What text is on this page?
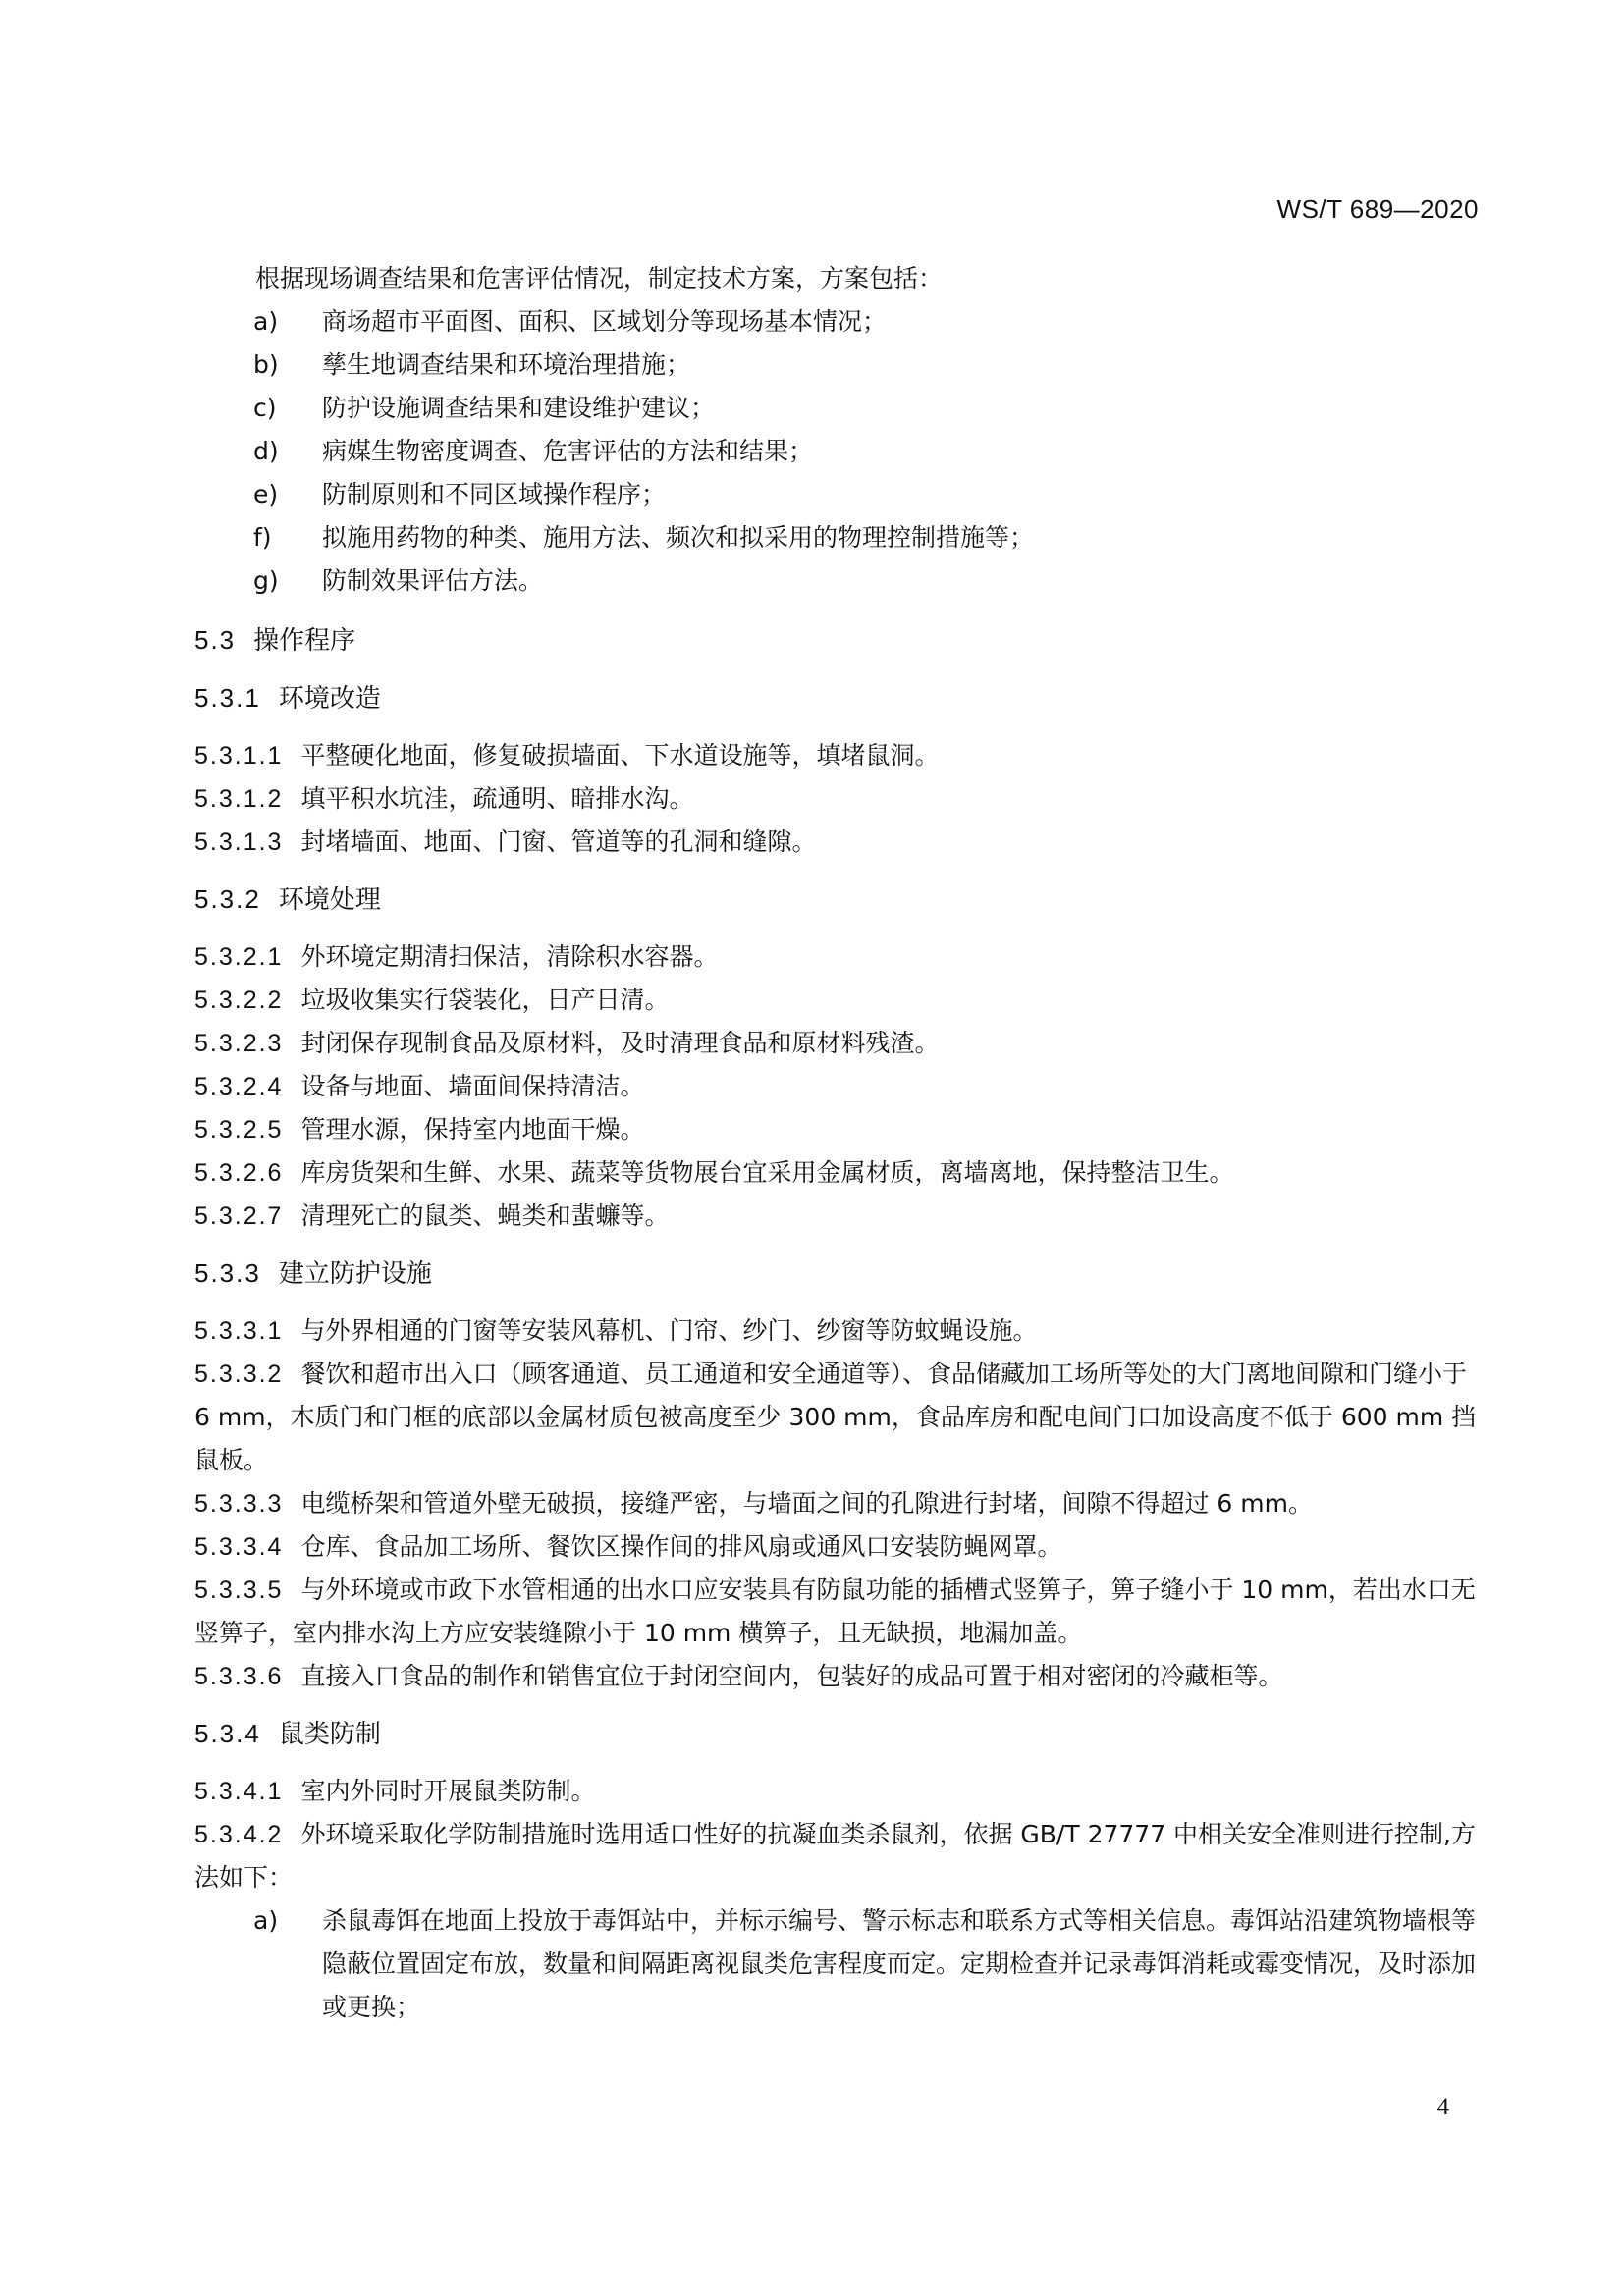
WS/T 689—2020

根据现场调查结果和危害评估情况，制定技术方案，方案包括：

a)	商场超市平面图、面积、区域划分等现场基本情况；
b)	孳生地调查结果和环境治理措施；
c)	防护设施调查结果和建设维护建议；
d)	病媒生物密度调查、危害评估的方法和结果；
e)	防制原则和不同区域操作程序；
f)	拟施用药物的种类、施用方法、频次和拟采用的物理控制措施等；
g)	防制效果评估方法。
5.3 操作程序
5.3.1 环境改造

5.3.1.1 平整硬化地面，修复破损墙面、下水道设施等，填堵鼠洞。

5.3.1.2 填平积水坑洼，疏通明、暗排水沟。

5.3.1.3 封堵墙面、地面、门窗、管道等的孔洞和缝隙。

5.3.2 环境处理

5.3.2.1 外环境定期清扫保洁，清除积水容器。

5.3.2.2 垃圾收集实行袋装化，日产日清。

5.3.2.3 封闭保存现制食品及原材料，及时清理食品和原材料残渣。

5.3.2.4 设备与地面、墙面间保持清洁。

5.3.2.5 管理水源，保持室内地面干燥。

5.3.2.6 库房货架和生鲜、水果、蔬菜等货物展台宜采用金属材质，离墙离地，保持整洁卫生。

5.3.2.7 清理死亡的鼠类、蝇类和蜚蠊等。

5.3.3 建立防护设施

5.3.3.1 与外界相通的门窗等安装风幕机、门帘、纱门、纱窗等防蚊蝇设施。

5.3.3.2 餐饮和超市出入口（顾客通道、员工通道和安全通道等）、食品储藏加工场所等处的大门离地间隙和门缝小于 6 mm，木质门和门框的底部以金属材质包被高度至少 300 mm，食品库房和配电间门口加设高度不低于 600 mm 挡鼠板。

5.3.3.3 电缆桥架和管道外壁无破损，接缝严密，与墙面之间的孔隙进行封堵，间隙不得超过 6 mm。

5.3.3.4 仓库、食品加工场所、餐饮区操作间的排风扇或通风口安装防蝇网罩。

5.3.3.5 与外环境或市政下水管相通的出水口应安装具有防鼠功能的插槽式竖箅子，箅子缝小于 10 mm，若出水口无竖箅子，室内排水沟上方应安装缝隙小于 10 mm 横箅子，且无缺损，地漏加盖。

5.3.3.6 直接入口食品的制作和销售宜位于封闭空间内，包装好的成品可置于相对密闭的冷藏柜等。

5.3.4 鼠类防制

5.3.4.1 室内外同时开展鼠类防制。

5.3.4.2 外环境采取化学防制措施时选用适口性好的抗凝血类杀鼠剂，依据 GB/T 27777 中相关安全准则进行控制,方法如下：

a)	杀鼠毒饵在地面上投放于毒饵站中，并标示编号、警示标志和联系方式等相关信息。毒饵站沿建筑物墙根等隐蔽位置固定布放，数量和间隔距离视鼠类危害程度而定。定期检查并记录毒饵消耗或霉变情况，及时添加或更换；
4
